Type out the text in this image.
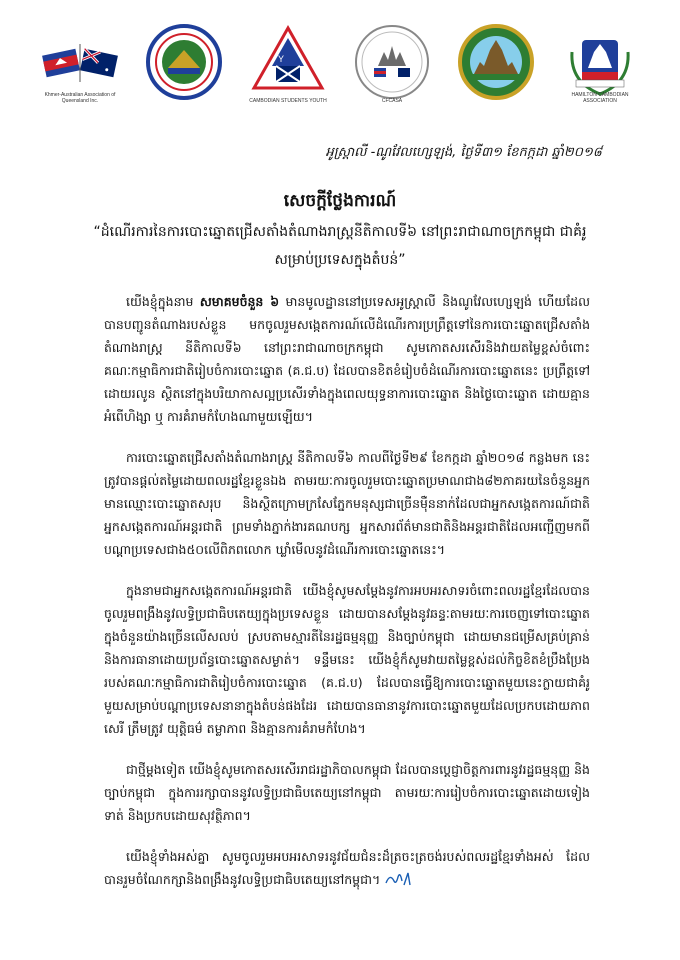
Khmer-Australian Association of Queensland Inc.
Y
CAMBODIAN STUDENTS YOUTH	CFCASA
HAMILTON CAMBODIAN ASSOCIATION
អូស្ត្រាលី -ណូវែលហ្សេឡង់, ថ្ងៃទី៣១ ខែកក្កដា ឆ្នាំ២០១៨
សេចក្តីថ្លែងការណ៍
“ដំណើរការនៃការបោះឆ្នោតជ្រើសតាំងតំណាងរាស្ត្រនីតិកាលទី៦ នៅព្រះរាជាណាចក្រកម្ពុជា ជាគំរូសម្រាប់ប្រទេសក្នុងតំបន់”

យើងខ្ញុំក្នុងនាម សមាគមចំនួន ៦ មានមូលដ្ឋាននៅប្រទេសអូស្ត្រាលី និងណូវែលហ្សេឡង់ ហើយដែលបានបញ្ជូនតំណាងរបស់ខ្លួន មកចូលរួមសង្កេតការណ៍លើដំណើរការប្រព្រឹត្តទៅនៃការបោះឆ្នោតជ្រើសតាំងតំណាងរាស្ត្រ នីតិកាលទី៦ នៅព្រះរាជាណាចក្រកម្ពុជា សូមកោតសរសើរនិងវាយតម្លៃខ្ពស់ចំពោះគណៈកម្មាធិការជាតិរៀបចំការបោះឆ្នោត (គ.ជ.ប) ដែលបានខិតខំរៀបចំដំណើរការបោះឆ្នោតនេះ ប្រព្រឹត្តទៅដោយរលូន ស្ថិតនៅក្នុងបរិយាកាសល្អប្រសើរទាំងក្នុងពេលយុទ្ធនាការបោះឆ្នោត និងថ្ងៃបោះឆ្នោត ដោយគ្មានអំពើហិង្សា ឬ ការគំរាមកំហែងណាមួយឡើយ។

ការបោះឆ្នោតជ្រើសតាំងតំណាងរាស្ត្រ នីតិកាលទី៦ កាលពីថ្ងៃទី២៩ ខែកក្កដា ឆ្នាំ២០១៨ កន្លងមក នេះត្រូវបានផ្តល់តម្លៃដោយពលរដ្ឋខ្មែរខ្លួនឯង តាមរយៈការចូលរួមបោះឆ្នោតប្រមាណជាង៨២ភាគរយនៃចំនួនអ្នកមានឈ្មោះបោះឆ្នោតសរុប និងស្ថិតក្រោមក្រសែភ្នែកមនុស្សជាច្រើនម៉ឺននាក់ដែលជាអ្នកសង្កេតការណ៍ជាតិ អ្នកសង្កេតការណ៍អន្តរជាតិ ព្រមទាំងភ្នាក់ងារគណបក្ស អ្នកសារព័ត៌មានជាតិនិងអន្តរជាតិដែលអញ្ជើញមកពីបណ្តាប្រទេសជាង៥០លើពិភពលោក ឃ្លាំមើលនូវដំណើរការបោះឆ្នោតនេះ។

ក្នុងនាមជាអ្នកសង្កេតការណ៍អន្តរជាតិ យើងខ្ញុំសូមសម្តែងនូវការអបអរសាទរចំពោះពលរដ្ឋខ្មែរដែលបានចូលរួមពង្រឹងនូវលទ្ធិប្រជាធិបតេយ្យក្នុងប្រទេសខ្លួន ដោយបានសម្តែងនូវឆន្ទៈតាមរយៈការចេញទៅបោះឆ្នោតក្នុងចំនួនយ៉ាងច្រើនលើសលប់ ស្របតាមស្មារតីនៃរដ្ឋធម្មនុញ្ញ និងច្បាប់កម្ពុជា ដោយមានជម្រើសគ្រប់គ្រាន់និងការធានាដោយប្រព័ន្ធបោះឆ្នោតសម្ងាត់។ ទន្ទឹមនេះ យើងខ្ញុំក៏សូមវាយតម្លៃខ្ពស់ដល់កិច្ចខិតខំប្រឹងប្រែងរបស់គណៈកម្មាធិការជាតិរៀបចំការបោះឆ្នោត (គ.ជ.ប) ដែលបានធ្វើឱ្យការបោះឆ្នោតមួយនេះក្លាយជាគំរូ មួយសម្រាប់បណ្តាប្រទេសនានាក្នុងតំបន់ផងដែរ ដោយបានធានានូវការបោះឆ្នោតមួយដែលប្រកបដោយភាពសេរី ត្រឹមត្រូវ យុត្តិធម៌ តម្លាភាព និងគ្មានការគំរាមកំហែង។

ជាថ្មីម្តងទៀត យើងខ្ញុំសូមកោតសរសើររាជរដ្ឋាភិបាលកម្ពុជា ដែលបានប្តេជ្ញាចិត្តការពារនូវរដ្ឋធម្មនុញ្ញ និងច្បាប់កម្ពុជា ក្នុងការរក្សាបាននូវលទ្ធិប្រជាធិបតេយ្យនៅកម្ពុជា តាមរយៈការរៀបចំការបោះឆ្នោតដោយទៀងទាត់ និងប្រកបដោយសុវត្ថិភាព។

យើងខ្ញុំទាំងអស់គ្នា សូមចូលរួមអបអរសាទរនូវជ័យជំនះដ៏ត្រចះត្រចង់របស់ពលរដ្ឋខ្មែរទាំងអស់ ដែលបានរួមចំណែកក្សានិងពង្រឹងនូវលទ្ធិប្រជាធិបតេយ្យនៅកម្ពុជា។
